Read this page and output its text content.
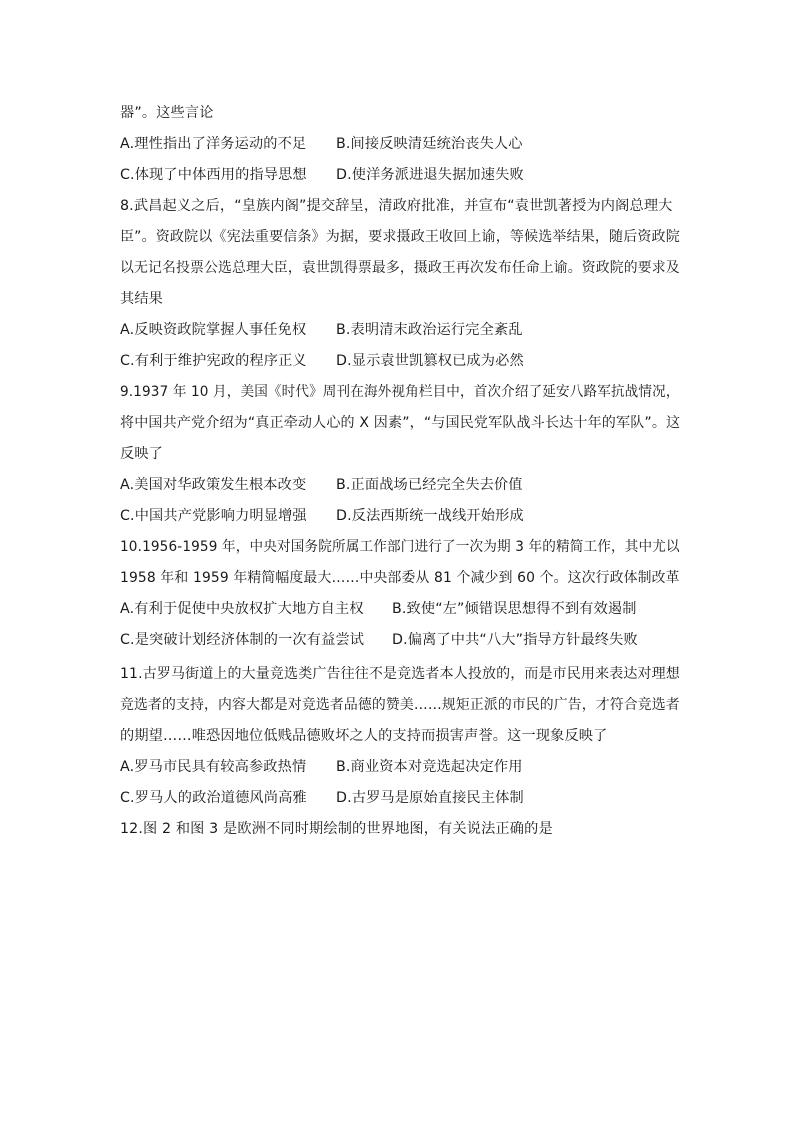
器”。这些言论
A.理性指出了洋务运动的不足 B.间接反映清廷统治丧失人心
C.体现了中体西用的指导思想 D.使洋务派进退失据加速失败
8.武昌起义之后，“皇族内阁”提交辞呈，清政府批准，并宣布“袁世凯著授为内阁总理大
臣”。资政院以《宪法重要信条》为据，要求摄政王收回上谕，等候选举结果，随后资政院
以无记名投票公选总理大臣，袁世凯得票最多，摄政王再次发布任命上谕。资政院的要求及
其结果
A.反映资政院掌握人事任免权 B.表明清末政治运行完全紊乱
C.有利于维护宪政的程序正义 D.显示袁世凯篡权已成为必然
9.1937 年 10 月，美国《时代》周刊在海外视角栏目中，首次介绍了延安八路军抗战情况，
将中国共产党介绍为“真正牵动人心的 X 因素”，“与国民党军队战斗长达十年的军队”。这
反映了
A.美国对华政策发生根本改变 B.正面战场已经完全失去价值
C.中国共产党影响力明显增强 D.反法西斯统一战线开始形成
10.1956-1959 年，中央对国务院所属工作部门进行了一次为期 3 年的精简工作，其中尤以
1958 年和 1959 年精简幅度最大……中央部委从 81 个减少到 60 个。这次行政体制改革
A.有利于促使中央放权扩大地方自主权 B.致使“左”倾错误思想得不到有效遏制
C.是突破计划经济体制的一次有益尝试 D.偏离了中共“八大”指导方针最终失败
11.古罗马街道上的大量竞选类广告往往不是竞选者本人投放的，而是市民用来表达对理想
竞选者的支持，内容大都是对竞选者品德的赞美……规矩正派的市民的广告，才符合竞选者
的期望……唯恐因地位低贱品德败坏之人的支持而损害声誉。这一现象反映了
A.罗马市民具有较高参政热情 B.商业资本对竞选起决定作用
C.罗马人的政治道德风尚高雅 D.古罗马是原始直接民主体制
12.图 2 和图 3 是欧洲不同时期绘制的世界地图，有关说法正确的是
